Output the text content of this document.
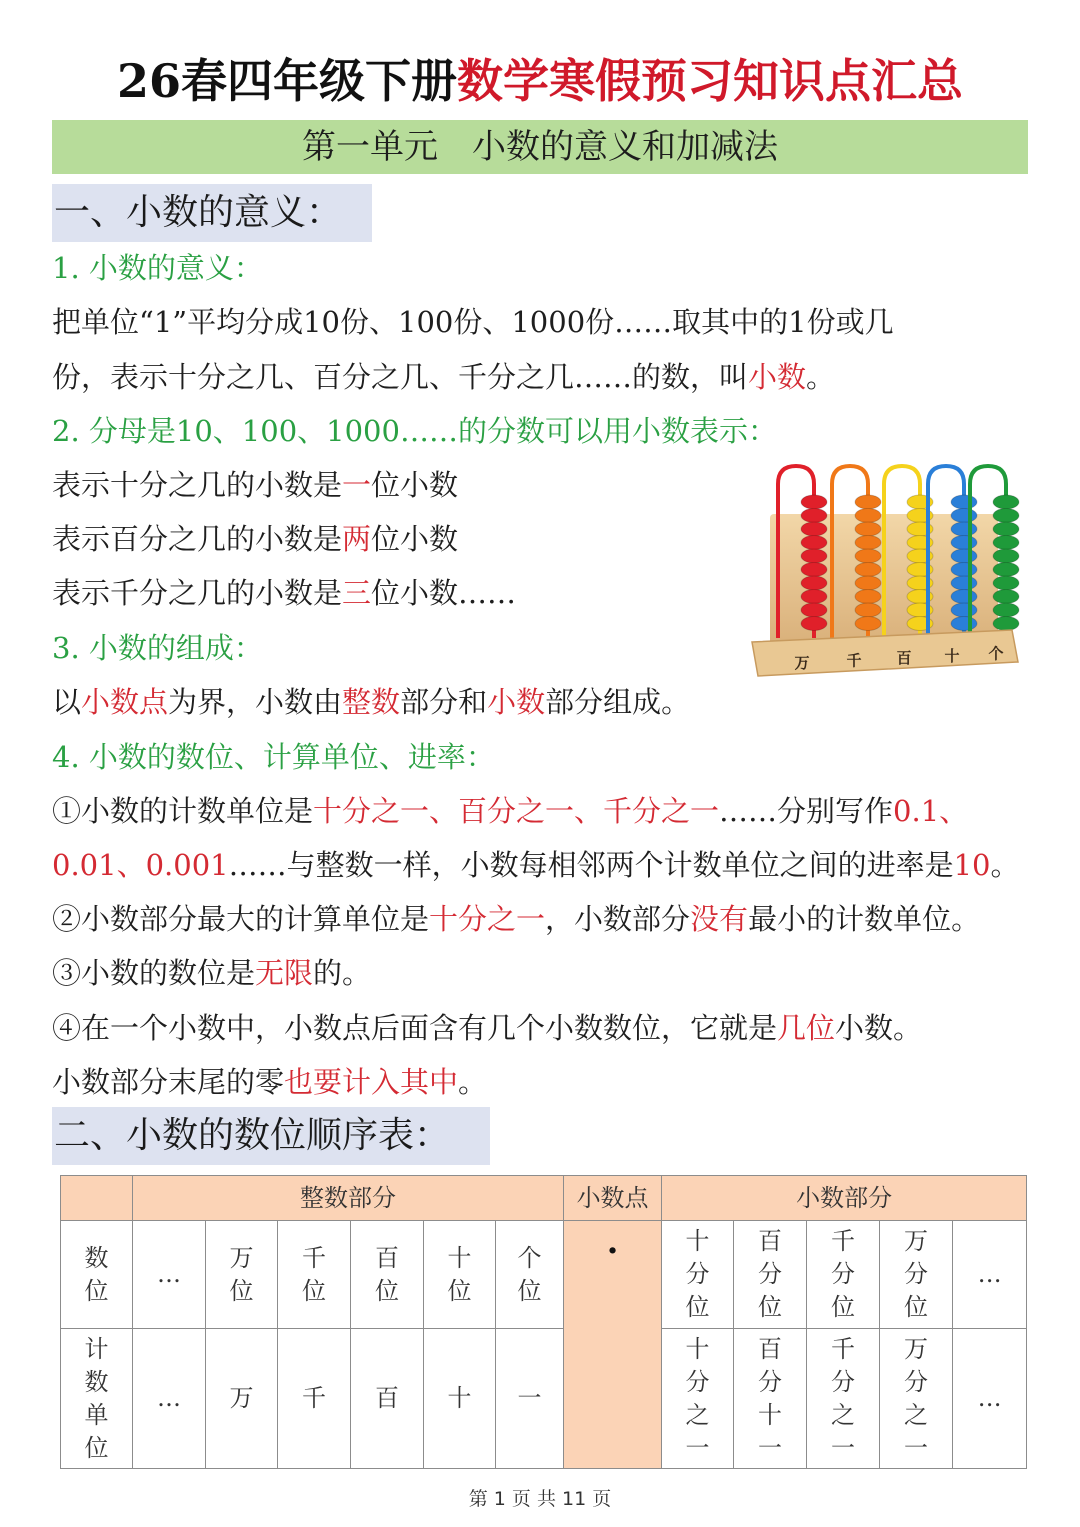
26春四年级下册数学寒假预习知识点汇总
第一单元　小数的意义和加减法
一、小数的意义：
1. 小数的意义：
把单位“1”平均分成10份、100份、1000份……取其中的1份或几
份，表示十分之几、百分之几、千分之几……的数，叫小数。
2. 分母是10、100、1000……的分数可以用小数表示：
表示十分之几的小数是一位小数
表示百分之几的小数是两位小数
表示千分之几的小数是三位小数……
3. 小数的组成：
以小数点为界，小数由整数部分和小数部分组成。
4. 小数的数位、计算单位、进率：
①小数的计数单位是十分之一、百分之一、千分之一……分别写作0.1、
0.01、0.001……与整数一样，小数每相邻两个计数单位之间的进率是10。
②小数部分最大的计算单位是十分之一，小数部分没有最小的计数单位。
③小数的数位是无限的。
④在一个小数中，小数点后面含有几个小数数位，它就是几位小数。
小数部分末尾的零也要计入其中。
万 千 百 十 个
二、小数的数位顺序表：
	整数部分						小数点	小数部分				
数位	…	万位	千位	百位	十位	个位	·	十分位	百分位	千分位	万分位	…
计数单位	…	万	千	百	十	一		十分之一	百分十一	千分之一	万分之一	…
第 1 页 共 11 页
